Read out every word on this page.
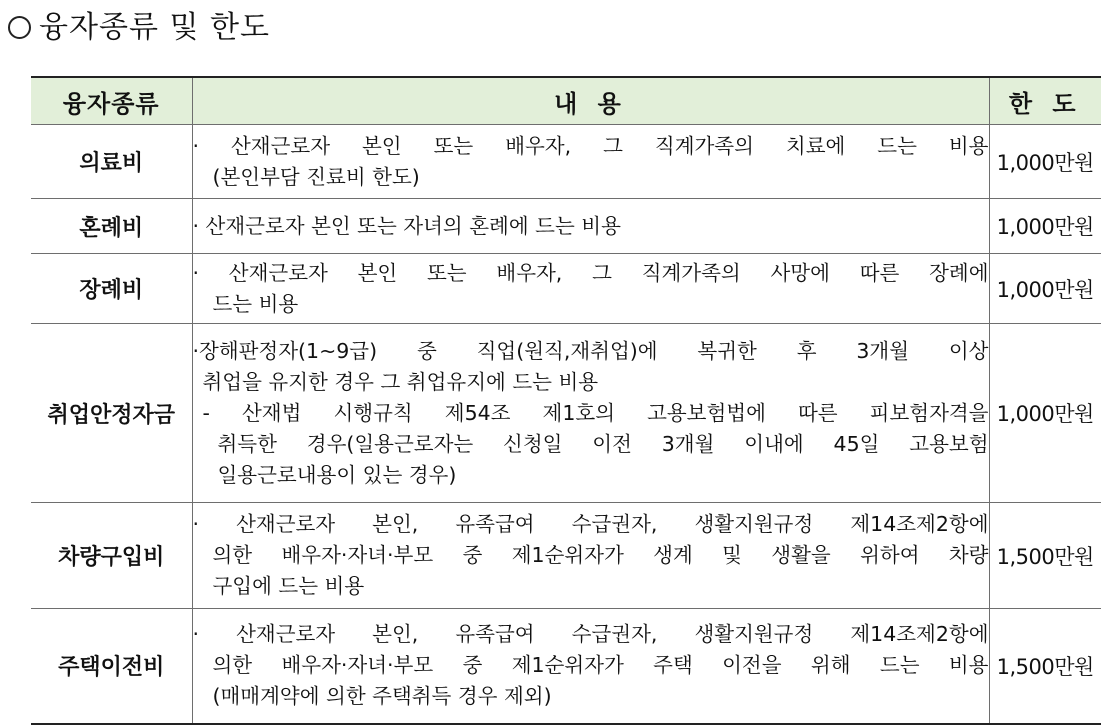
융자종류 및 한도
융자종류	내 용	한 도
의료비	· 산재근로자 본인 또는 배우자, 그 직계가족의 치료에 드는 비용
(본인부담 진료비 한도)	1,000만원
혼례비	· 산재근로자 본인 또는 자녀의 혼례에 드는 비용	1,000만원
장례비	· 산재근로자 본인 또는 배우자, 그 직계가족의 사망에 따른 장례에
드는 비용	1,000만원
취업안정자금	·장해판정자(1~9급) 중 직업(원직,재취업)에 복귀한 후 3개월 이상
취업을 유지한 경우 그 취업유지에 드는 비용
- 산재법 시행규칙 제54조 제1호의 고용보험법에 따른 피보험자격을
취득한 경우(일용근로자는 신청일 이전 3개월 이내에 45일 고용보험
일용근로내용이 있는 경우)	1,000만원
차량구입비	· 산재근로자 본인, 유족급여 수급권자, 생활지원규정 제14조제2항에
의한 배우자·자녀·부모 중 제1순위자가 생계 및 생활을 위하여 차량
구입에 드는 비용	1,500만원
주택이전비	· 산재근로자 본인, 유족급여 수급권자, 생활지원규정 제14조제2항에
의한 배우자·자녀·부모 중 제1순위자가 주택 이전을 위해 드는 비용
(매매계약에 의한 주택취득 경우 제외)	1,500만원
